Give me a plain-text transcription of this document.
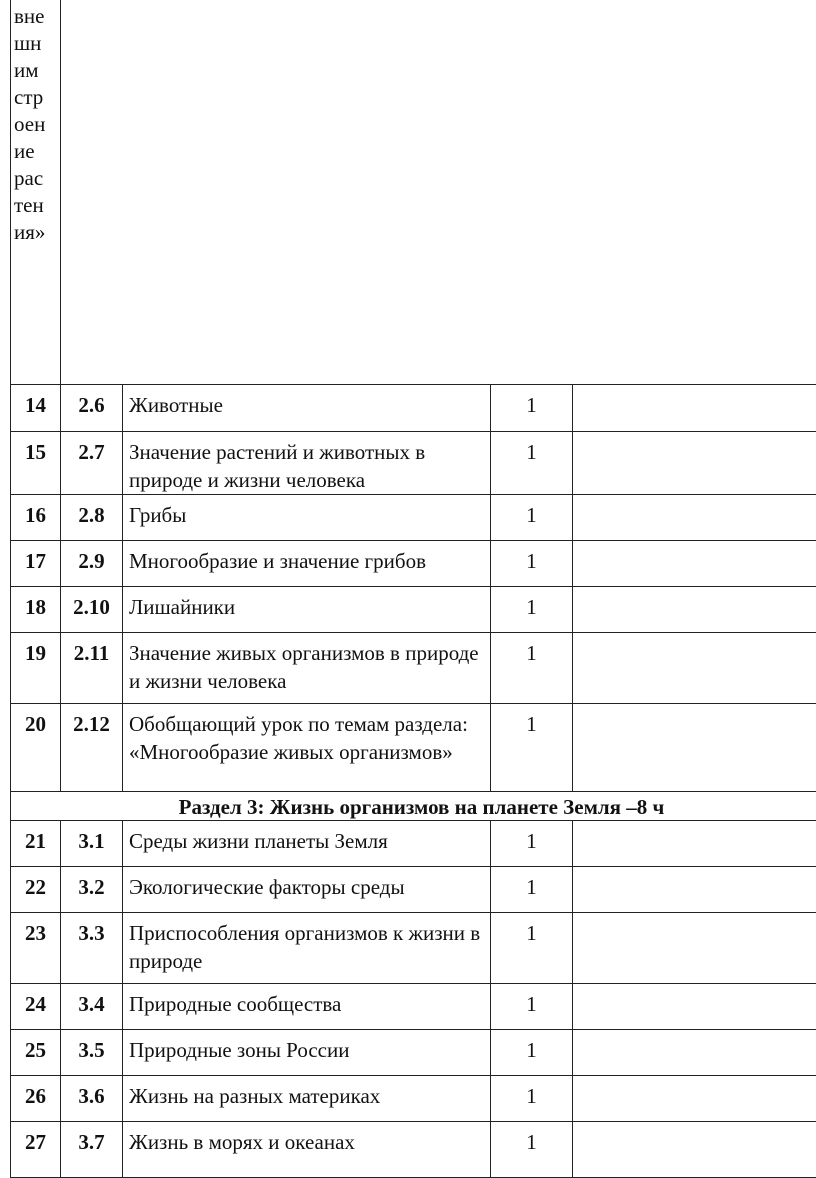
внешним строение растения»				

14	2.6	Животные	1	
15	2.7	Значение растений и животных в природе и жизни человека	1	
16	2.8	Грибы	1	
17	2.9	Многообразие и значение грибов	1	
18	2.10	Лишайники	1	
19	2.11	Значение живых организмов в природе и жизни человека	1	
20	2.12	Обобщающий урок по темам раздела: «Многообразие живых организмов»	1	
Раздел 3: Жизнь организмов на планете Земля –8 ч				
21	3.1	Среды жизни планеты Земля	1	
22	3.2	Экологические факторы среды	1	
23	3.3	Приспособления организмов к жизни в природе	1	
24	3.4	Природные сообщества	1	
25	3.5	Природные зоны России	1	
26	3.6	Жизнь на разных материках	1	
27	3.7	Жизнь в морях и океанах	1	
